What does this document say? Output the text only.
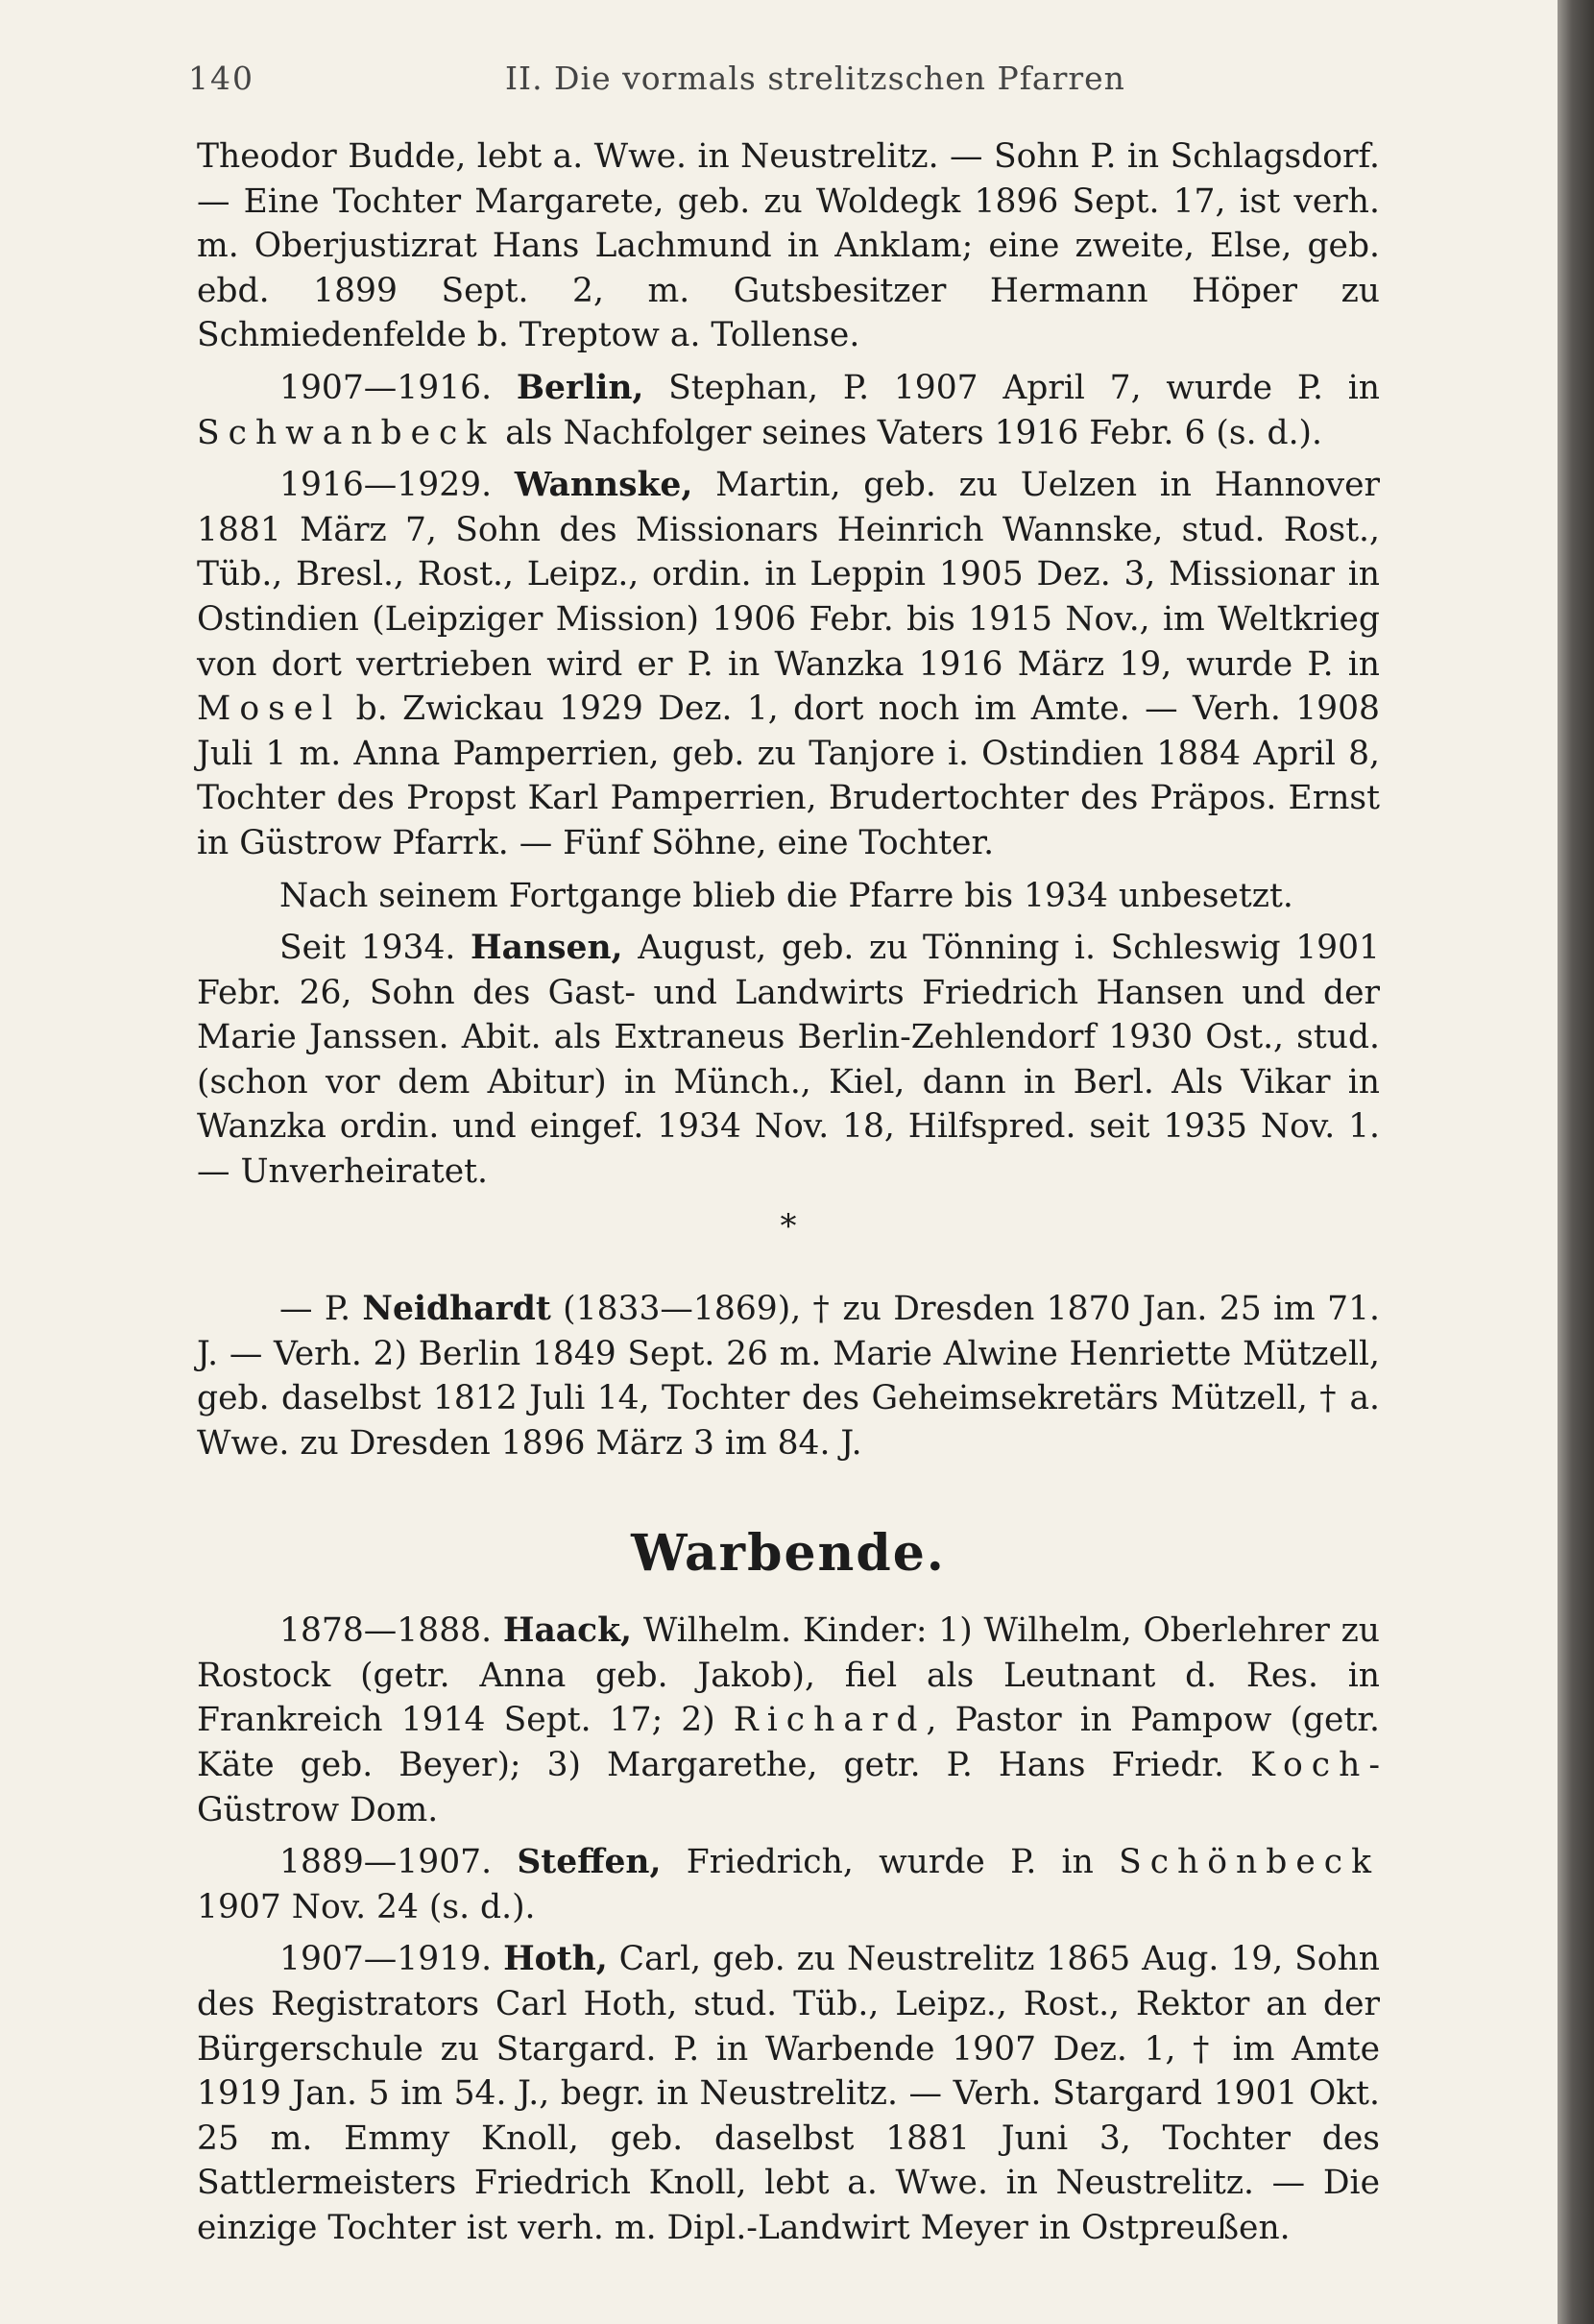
140	II. Die vormals strelitzschen Pfarren

Theodor Budde, lebt a. Wwe. in Neustrelitz. — Sohn P. in Schlagsdorf. — Eine Tochter Margarete, geb. zu Woldegk 1896 Sept. 17, ist verh. m. Oberjustizrat Hans Lachmund in Anklam; eine zweite, Else, geb. ebd. 1899 Sept. 2, m. Gutsbesitzer Hermann Höper zu Schmiedenfelde b. Treptow a. Tollense.

1907—1916. Berlin, Stephan, P. 1907 April 7, wurde P. in Schwanbeck als Nachfolger seines Vaters 1916 Febr. 6 (s. d.).

1916—1929. Wannske, Martin, geb. zu Uelzen in Hannover 1881 März 7, Sohn des Missionars Heinrich Wannske, stud. Rost., Tüb., Bresl., Rost., Leipz., ordin. in Leppin 1905 Dez. 3, Missionar in Ostindien (Leipziger Mission) 1906 Febr. bis 1915 Nov., im Weltkrieg von dort vertrieben wird er P. in Wanzka 1916 März 19, wurde P. in Mosel b. Zwickau 1929 Dez. 1, dort noch im Amte. — Verh. 1908 Juli 1 m. Anna Pamperrien, geb. zu Tanjore i. Ostindien 1884 April 8, Tochter des Propst Karl Pamperrien, Brudertochter des Präpos. Ernst in Güstrow Pfarrk. — Fünf Söhne, eine Tochter.

Nach seinem Fortgange blieb die Pfarre bis 1934 unbesetzt.

Seit 1934. Hansen, August, geb. zu Tönning i. Schleswig 1901 Febr. 26, Sohn des Gast- und Landwirts Friedrich Hansen und der Marie Janssen. Abit. als Extraneus Berlin-Zehlendorf 1930 Ost., stud. (schon vor dem Abitur) in Münch., Kiel, dann in Berl. Als Vikar in Wanzka ordin. und eingef. 1934 Nov. 18, Hilfspred. seit 1935 Nov. 1. — Unverheiratet.

*

— P. Neidhardt (1833—1869), † zu Dresden 1870 Jan. 25 im 71. J. — Verh. 2) Berlin 1849 Sept. 26 m. Marie Alwine Henriette Mützell, geb. daselbst 1812 Juli 14, Tochter des Geheimsekretärs Mützell, † a. Wwe. zu Dresden 1896 März 3 im 84. J.

Warbende.

1878—1888. Haack, Wilhelm. Kinder: 1) Wilhelm, Oberlehrer zu Rostock (getr. Anna geb. Jakob), fiel als Leutnant d. Res. in Frankreich 1914 Sept. 17; 2) Richard, Pastor in Pampow (getr. Käte geb. Beyer); 3) Margarethe, getr. P. Hans Friedr. Koch-Güstrow Dom.

1889—1907. Steffen, Friedrich, wurde P. in Schönbeck 1907 Nov. 24 (s. d.).

1907—1919. Hoth, Carl, geb. zu Neustrelitz 1865 Aug. 19, Sohn des Registrators Carl Hoth, stud. Tüb., Leipz., Rost., Rektor an der Bürgerschule zu Stargard. P. in Warbende 1907 Dez. 1, † im Amte 1919 Jan. 5 im 54. J., begr. in Neustrelitz. — Verh. Stargard 1901 Okt. 25 m. Emmy Knoll, geb. daselbst 1881 Juni 3, Tochter des Sattlermeisters Friedrich Knoll, lebt a. Wwe. in Neustrelitz. — Die einzige Tochter ist verh. m. Dipl.-Landwirt Meyer in Ostpreußen.
